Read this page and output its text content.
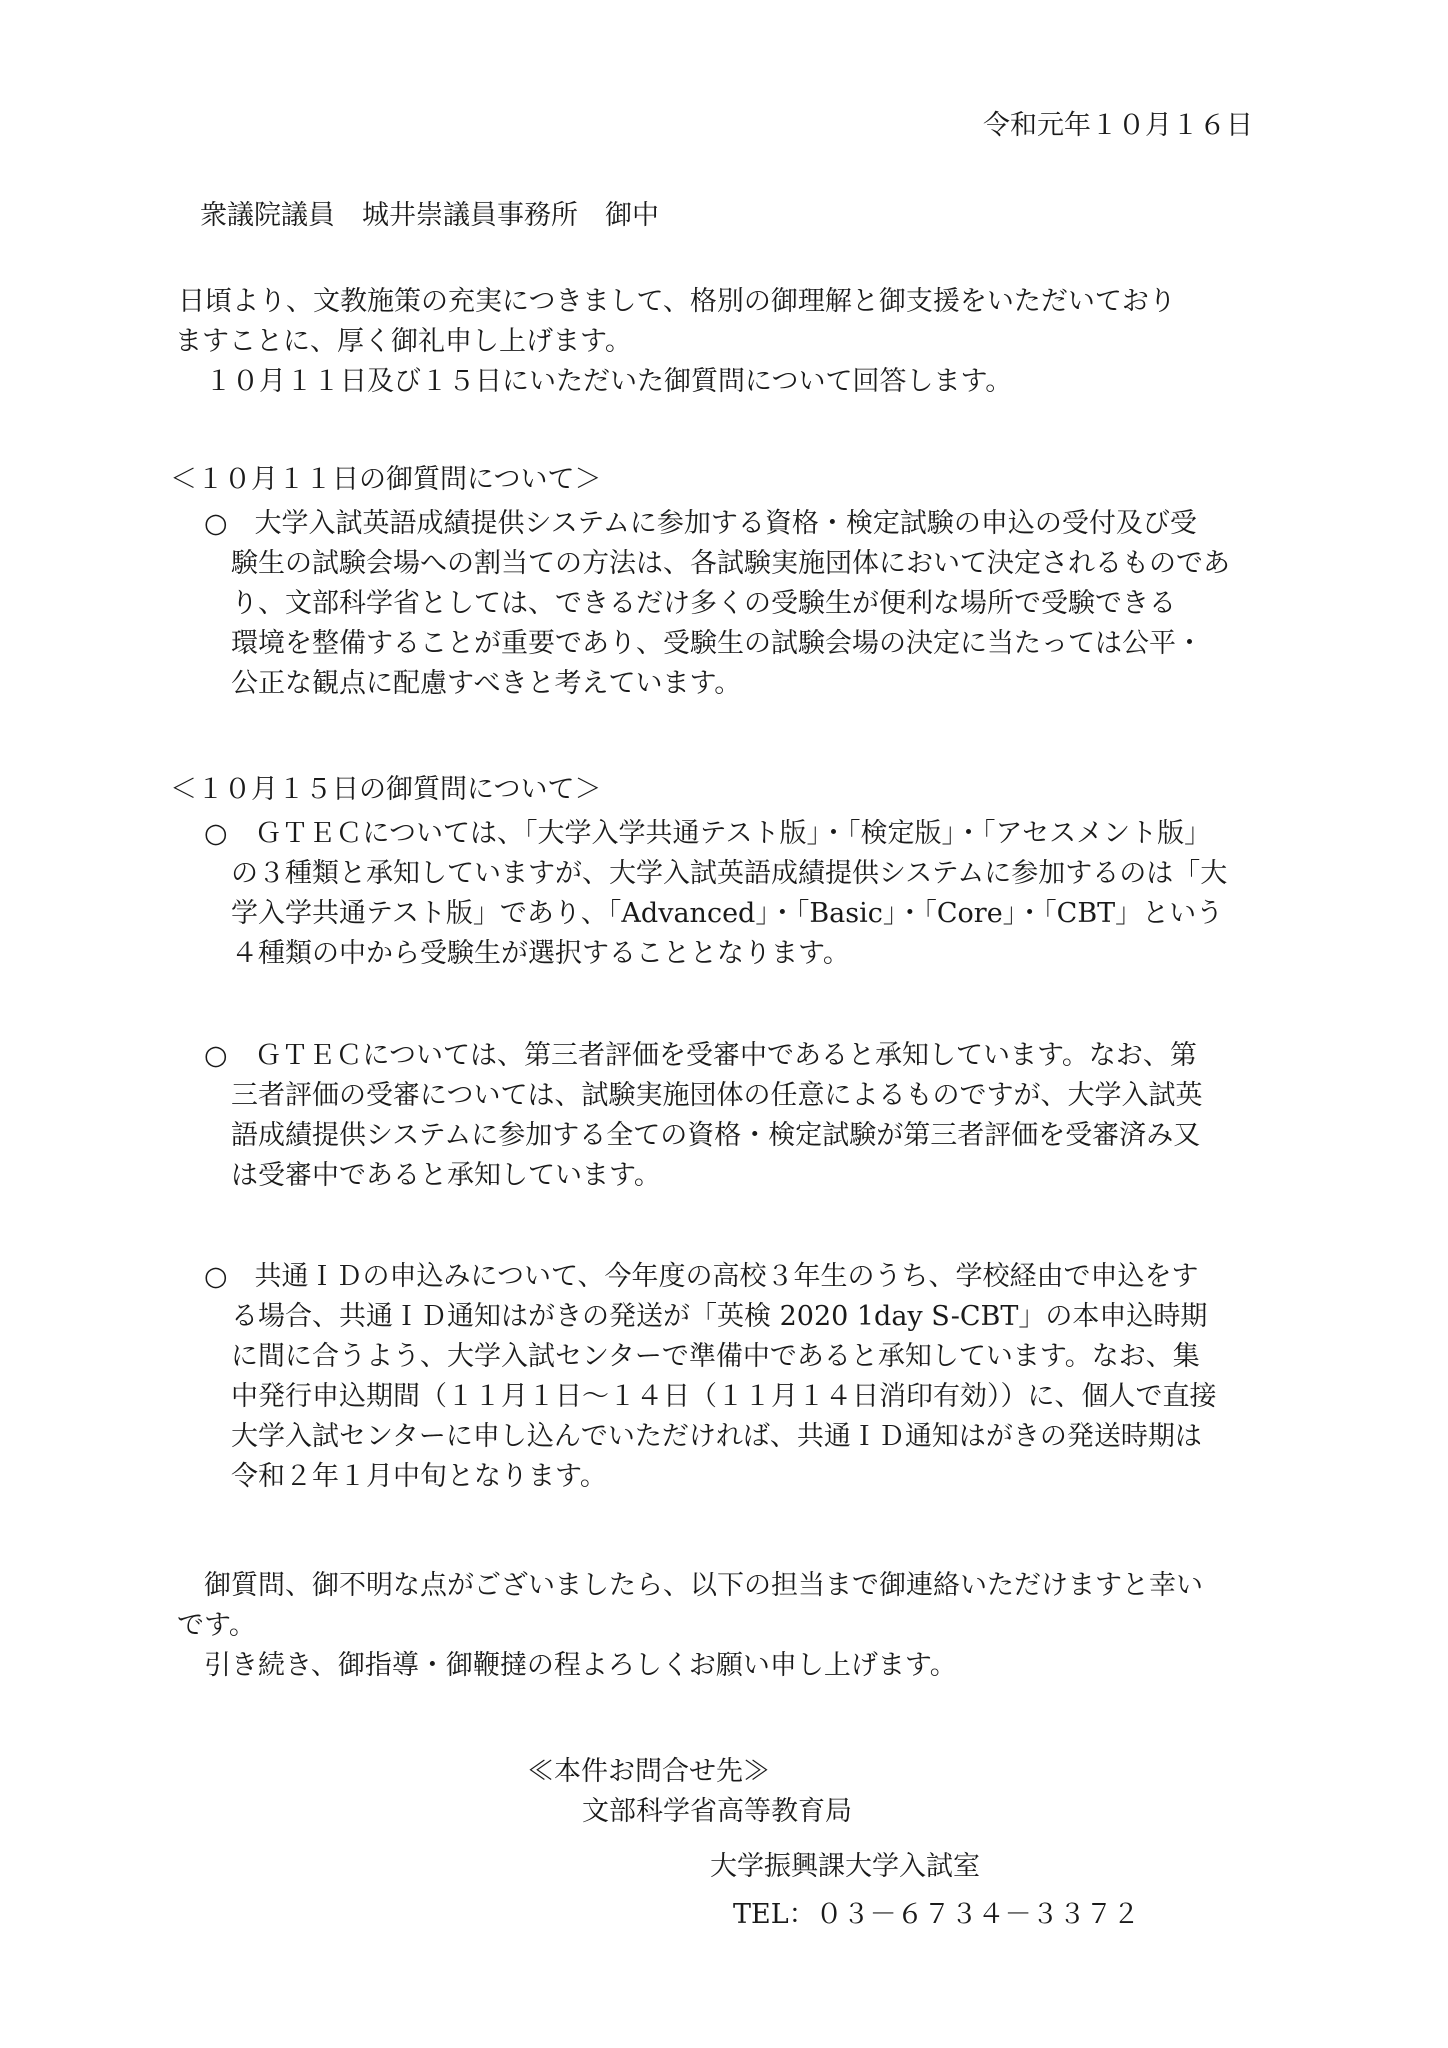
令和元年１０月１６日

衆議院議員　城井崇議員事務所　御中

日頃より、文教施策の充実につきまして、格別の御理解と御支援をいただいており
ますことに、厚く御礼申し上げます。
１０月１１日及び１５日にいただいた御質問について回答します。

＜１０月１１日の御質問について＞

○　大学入試英語成績提供システムに参加する資格・検定試験の申込の受付及び受
験生の試験会場への割当ての方法は、各試験実施団体において決定されるものであ
り、文部科学省としては、できるだけ多くの受験生が便利な場所で受験できる
環境を整備することが重要であり、受験生の試験会場の決定に当たっては公平・
公正な観点に配慮すべきと考えています。

＜１０月１５日の御質問について＞

○　ＧＴＥＣについては、「大学入学共通テスト版」・「検定版」・「アセスメント版」
の３種類と承知していますが、大学入試英語成績提供システムに参加するのは「大
学入学共通テスト版」であり、「Advanced」・「Basic」・「Core」・「CBT」という
４種類の中から受験生が選択することとなります。
○　ＧＴＥＣについては、第三者評価を受審中であると承知しています。なお、第
三者評価の受審については、試験実施団体の任意によるものですが、大学入試英
語成績提供システムに参加する全ての資格・検定試験が第三者評価を受審済み又
は受審中であると承知しています。
○　共通ＩＤの申込みについて、今年度の高校３年生のうち、学校経由で申込をす
る場合、共通ＩＤ通知はがきの発送が「英検 2020 1day S-CBT」の本申込時期
に間に合うよう、大学入試センターで準備中であると承知しています。なお、集
中発行申込期間（１１月１日～１４日（１１月１４日消印有効））に、個人で直接
大学入試センターに申し込んでいただければ、共通ＩＤ通知はがきの発送時期は
令和２年１月中旬となります。
御質問、御不明な点がございましたら、以下の担当まで御連絡いただけますと幸い
です。
引き続き、御指導・御鞭撻の程よろしくお願い申し上げます。

≪本件お問合せ先≫

文部科学省高等教育局

大学振興課大学入試室

TEL：０３－６７３４－３３７２
